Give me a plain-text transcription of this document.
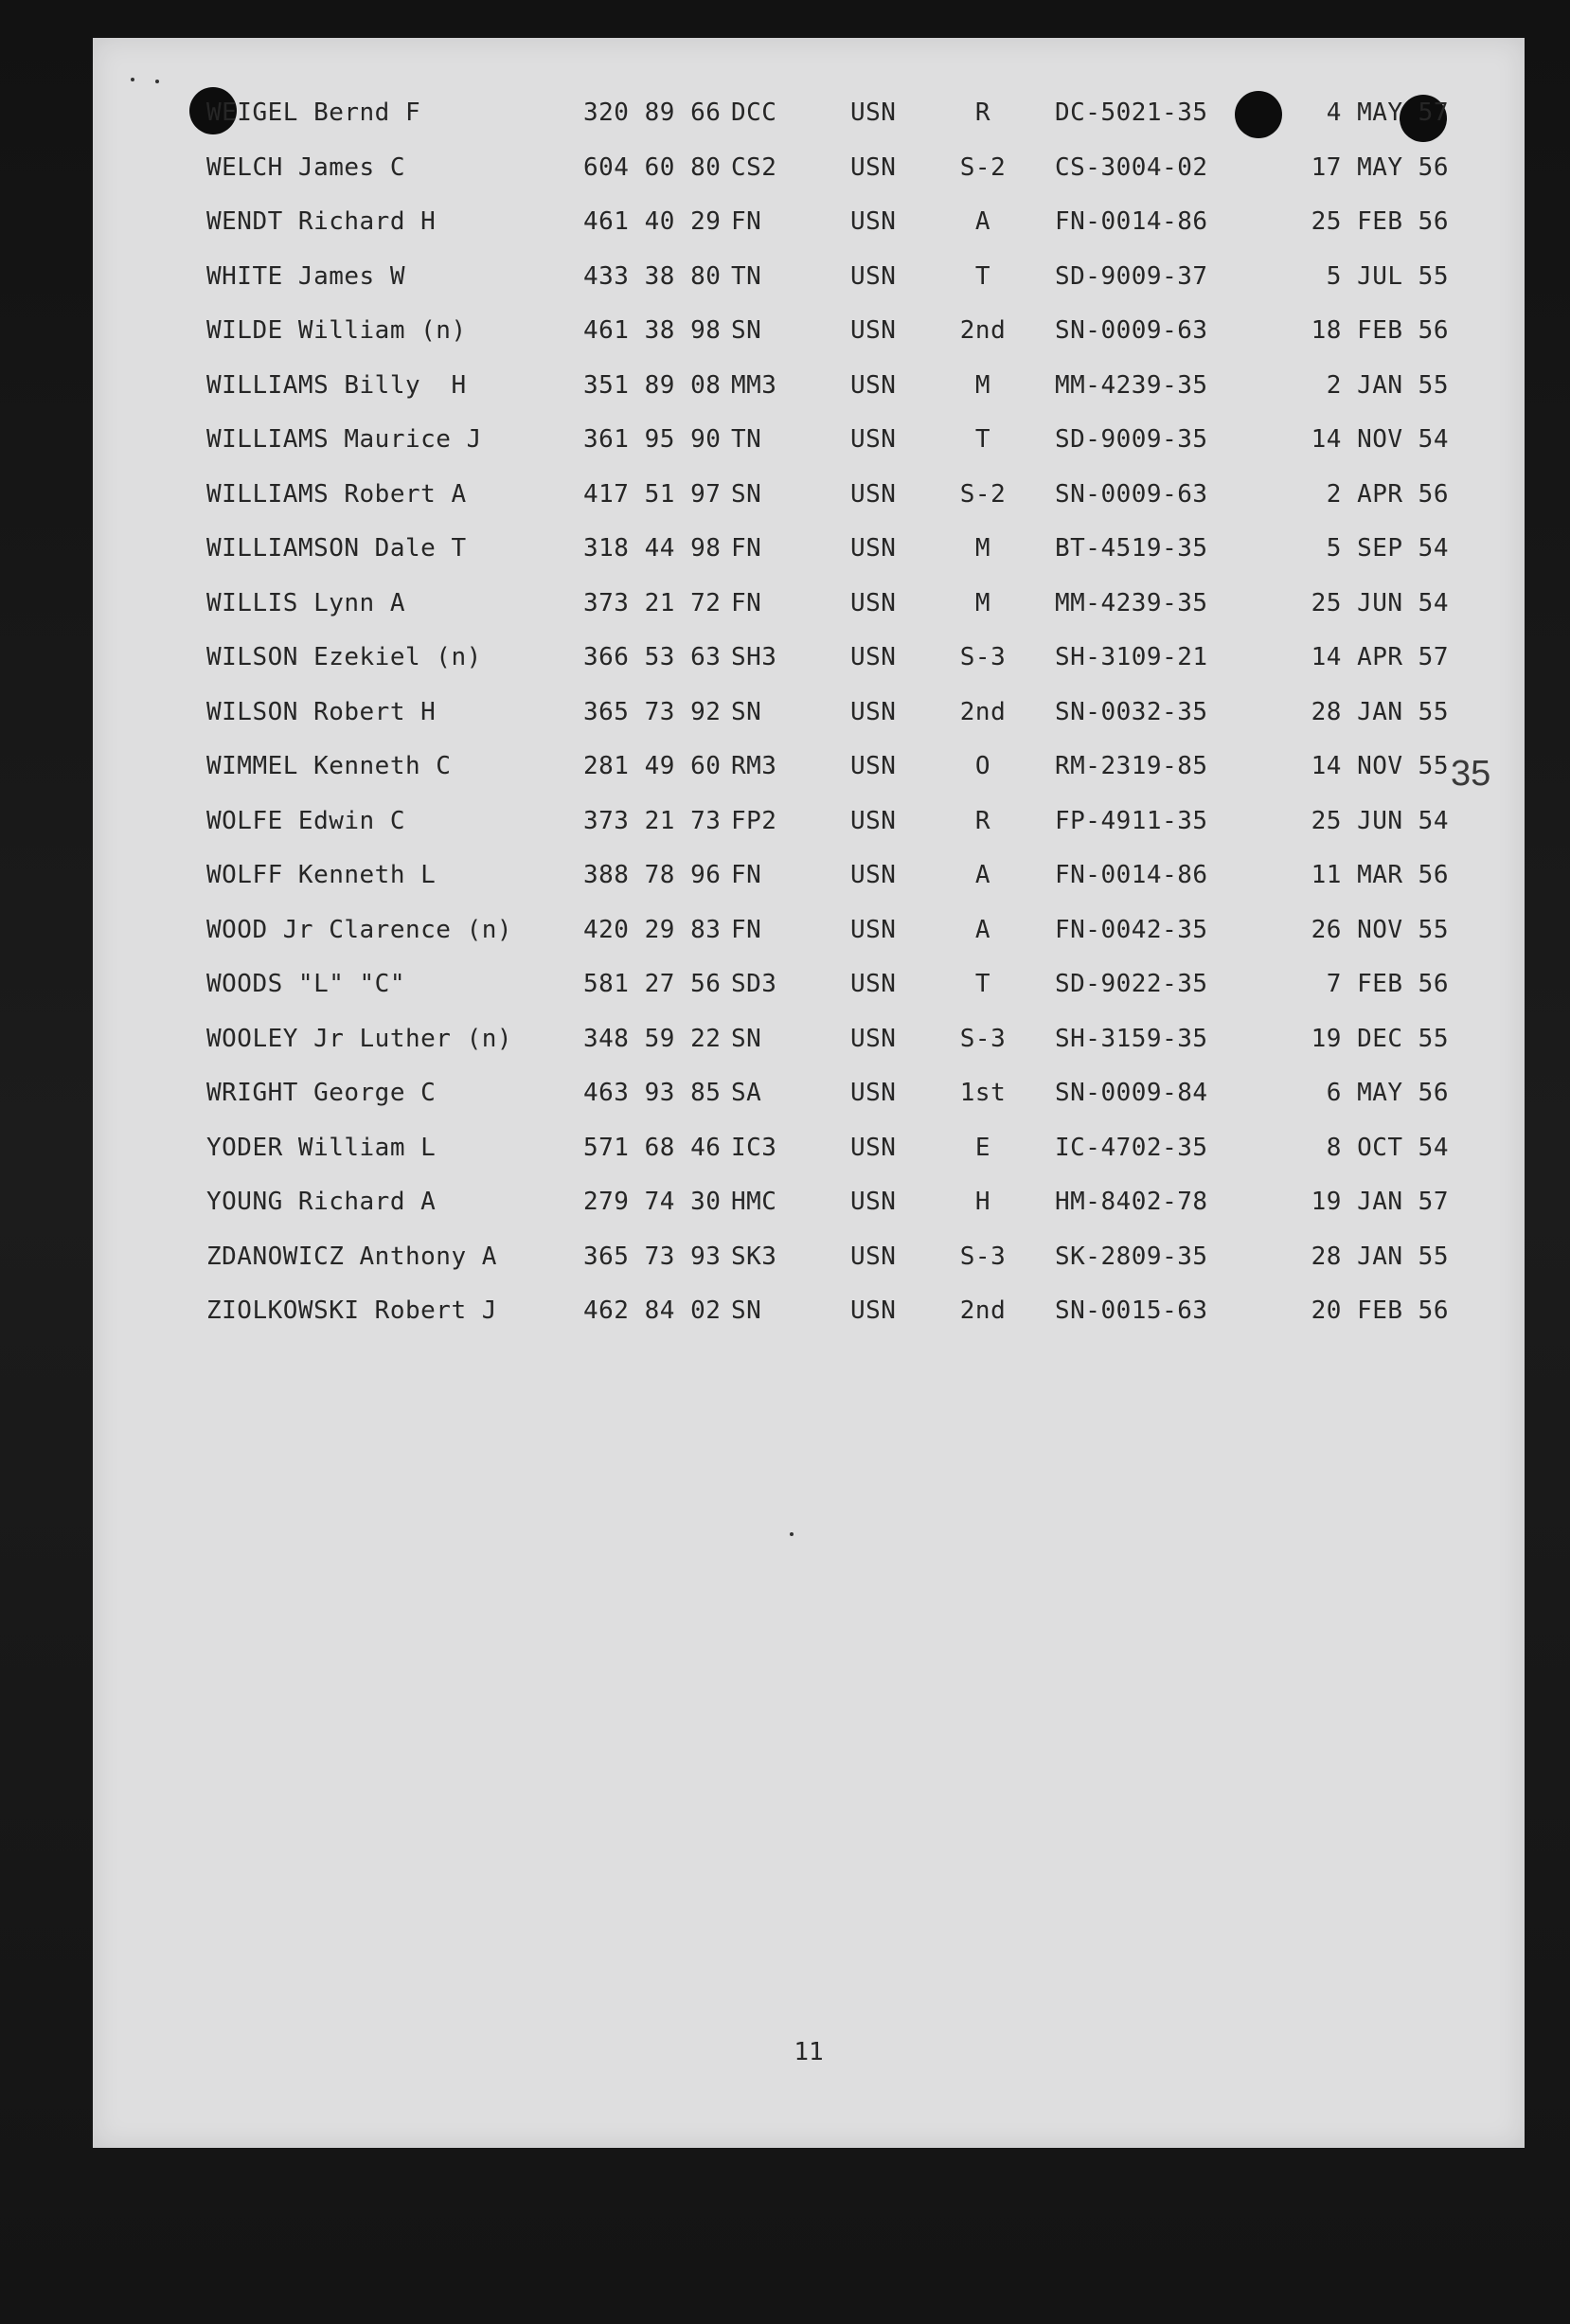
WEIGEL Bern⁠d F	320 89 66 DCC	USN	R	DC-5021-35	4 MAY 57
WELCH James C	604 60 80 CS2	USN	S-2	CS-3004-02	17 MAY 56
WENDT Richard H	461 40 29 FN	USN	A	FN-0014-86	25 FEB 56
WHITE James W	433 38 80 TN	USN	T	SD-9009-37	5 JUL 55
WILDE William (n)	461 38 98 SN	USN	2nd	SN-0009-63	18 FEB 56
WILLIAMS Billy  H	351 89 08 MM3	USN	M	MM-4239-35	2 JAN 55
WILLIAMS Maurice J	361 95 90 TN	USN	T	SD-9009-35	14 NOV 54
WILLIAMS Robert A	417 51 97 SN	USN	S-2	SN-0009-63	2 APR 56
WILLIAMSON Dale T	318 44 98 FN	USN	M	BT-4519-35	5 SEP 54
WILLIS Lynn A	373 21 72 FN	USN	M	MM-4239-35	25 JUN 54
WILSON Ezekiel (n)	366 53 63 SH3	USN	S-3	SH-3109-21	14 APR 57
WILSON Robert H	365 73 92 SN	USN	2nd	SN-0032-35	28 JAN 55
WIMMEL Kenneth C	281 49 60 RM3	USN	O	RM-2319-85	14 NOV 55
WOLFE Edwin C	373 21 73 FP2	USN	R	FP-4911-35	25 JUN 54
WOLFF Kenneth L	388 78 96 FN	USN	A	FN-0014-86	11 MAR 56
WOOD Jr Clarence (n)	420 29 83 FN	USN	A	FN-0042-35	26 NOV 55
WOODS "L" "C"	581 27 56 SD3	USN	T	SD-9022-35	7 FEB 56
WOOLEY Jr Luther (n)	348 59 22 SN	USN	S-3	SH-3159-35	19 DEC 55
WRIGHT George C	463 93 85 SA	USN	1st	SN-0009-84	6 MAY 56
YODER William L	571 68 46 IC3	USN	E	IC-4702-35	8 OCT 54
YOUNG Richard A	279 74 30 HMC	USN	H	HM-8402-78	19 JAN 57
ZDANOWICZ Anthony A	365 73 93 SK3	USN	S-3	SK-2809-35	28 JAN 55
ZIOLKOWSKI Robert J	462 84 02 SN	USN	2nd	SN-0015-63	20 FEB 56
35
11
